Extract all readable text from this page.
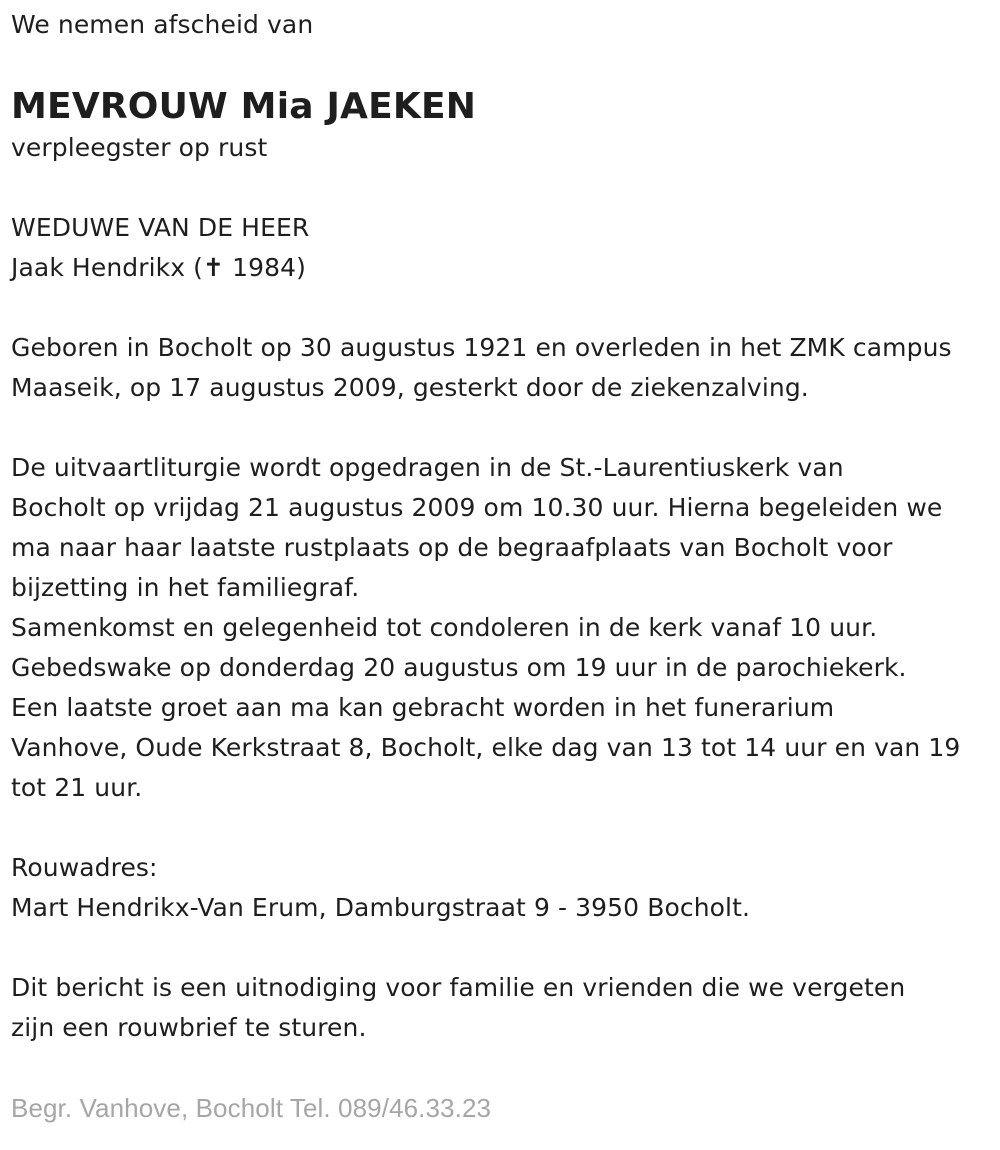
We nemen afscheid van
MEVROUW Mia JAEKEN
verpleegster op rust
WEDUWE VAN DE HEER
Jaak Hendrikx (✝ 1984)
Geboren in Bocholt op 30 augustus 1921 en overleden in het ZMK campus
Maaseik, op 17 augustus 2009, gesterkt door de ziekenzalving.
De uitvaartliturgie wordt opgedragen in de St.-Laurentiuskerk van
Bocholt op vrijdag 21 augustus 2009 om 10.30 uur. Hierna begeleiden we
ma naar haar laatste rustplaats op de begraafplaats van Bocholt voor
bijzetting in het familiegraf.
Samenkomst en gelegenheid tot condoleren in de kerk vanaf 10 uur.
Gebedswake op donderdag 20 augustus om 19 uur in de parochiekerk.
Een laatste groet aan ma kan gebracht worden in het funerarium
Vanhove, Oude Kerkstraat 8, Bocholt, elke dag van 13 tot 14 uur en van 19
tot 21 uur.
Rouwadres:
Mart Hendrikx-Van Erum, Damburgstraat 9 - 3950 Bocholt.
Dit bericht is een uitnodiging voor familie en vrienden die we vergeten
zijn een rouwbrief te sturen.
Begr. Vanhove, Bocholt Tel. 089/46.33.23
